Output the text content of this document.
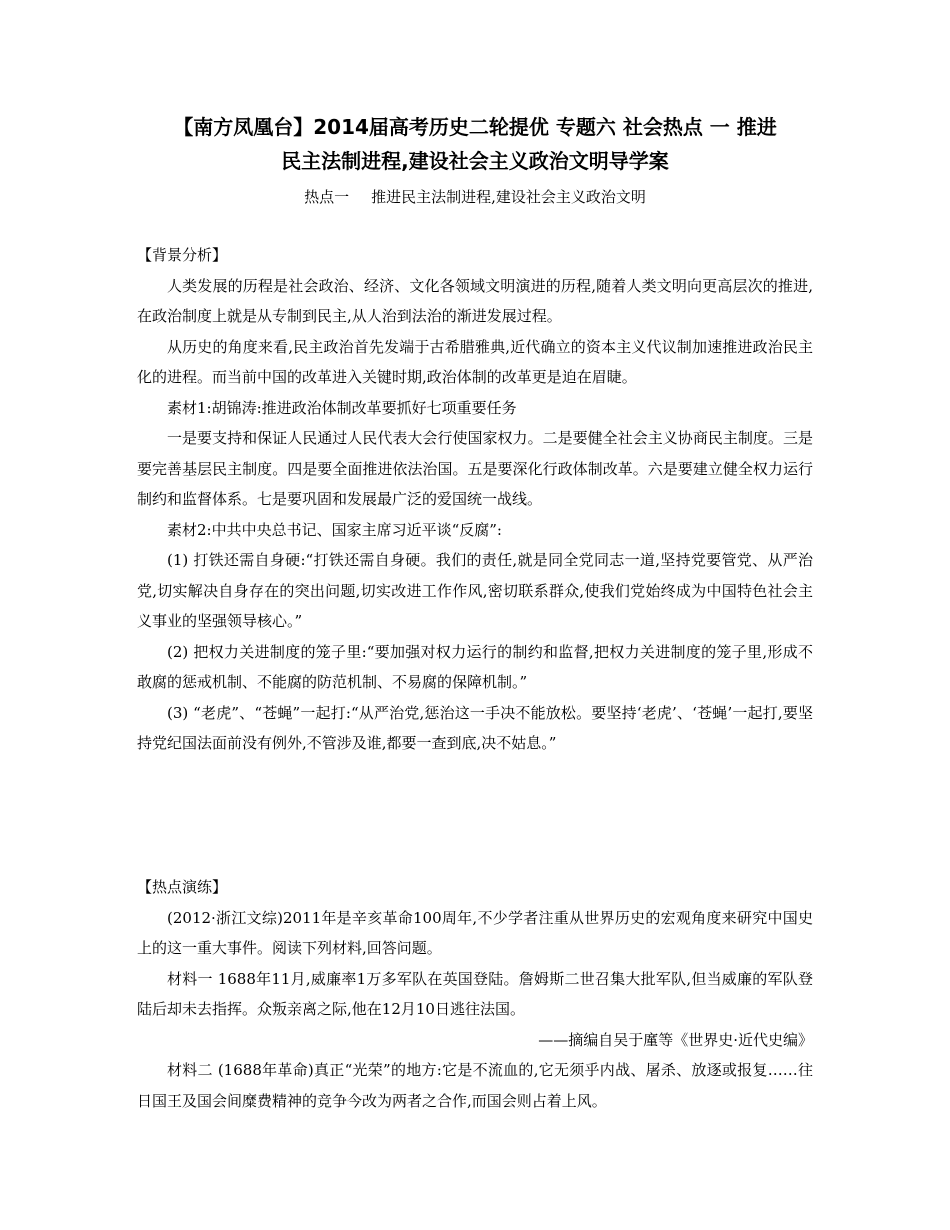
【南方凤凰台】2014届高考历史二轮提优 专题六 社会热点 一 推进
民主法制进程,建设社会主义政治文明导学案
热点一 推进民主法制进程,建设社会主义政治文明

【背景分析】

人类发展的历程是社会政治、经济、文化各领域文明演进的历程,随着人类文明向更高层次的推进,在政治制度上就是从专制到民主,从人治到法治的渐进发展过程。

从历史的角度来看,民主政治首先发端于古希腊雅典,近代确立的资本主义代议制加速推进政治民主化的进程。而当前中国的改革进入关键时期,政治体制的改革更是迫在眉睫。

素材1:胡锦涛:推进政治体制改革要抓好七项重要任务

一是要支持和保证人民通过人民代表大会行使国家权力。二是要健全社会主义协商民主制度。三是要完善基层民主制度。四是要全面推进依法治国。五是要深化行政体制改革。六是要建立健全权力运行制约和监督体系。七是要巩固和发展最广泛的爱国统一战线。

素材2:中共中央总书记、国家主席习近平谈“反腐”:

(1) 打铁还需自身硬:“打铁还需自身硬。我们的责任,就是同全党同志一道,坚持党要管党、从严治党,切实解决自身存在的突出问题,切实改进工作作风,密切联系群众,使我们党始终成为中国特色社会主义事业的坚强领导核心。”

(2) 把权力关进制度的笼子里:“要加强对权力运行的制约和监督,把权力关进制度的笼子里,形成不敢腐的惩戒机制、不能腐的防范机制、不易腐的保障机制。”

(3) “老虎”、“苍蝇”一起打:“从严治党,惩治这一手决不能放松。要坚持‘老虎’、‘苍蝇’一起打,要坚持党纪国法面前没有例外,不管涉及谁,都要一查到底,决不姑息。”

【热点演练】

(2012·浙江文综)2011年是辛亥革命100周年,不少学者注重从世界历史的宏观角度来研究中国史上的这一重大事件。阅读下列材料,回答问题。

材料一 1688年11月,威廉率1万多军队在英国登陆。詹姆斯二世召集大批军队,但当威廉的军队登陆后却未去指挥。众叛亲离之际,他在12月10日逃往法国。

——摘编自吴于廑等《世界史·近代史编》

材料二 (1688年革命)真正“光荣”的地方:它是不流血的,它无须乎内战、屠杀、放逐或报复……往日国王及国会间糜费精神的竞争今改为两者之合作,而国会则占着上风。
